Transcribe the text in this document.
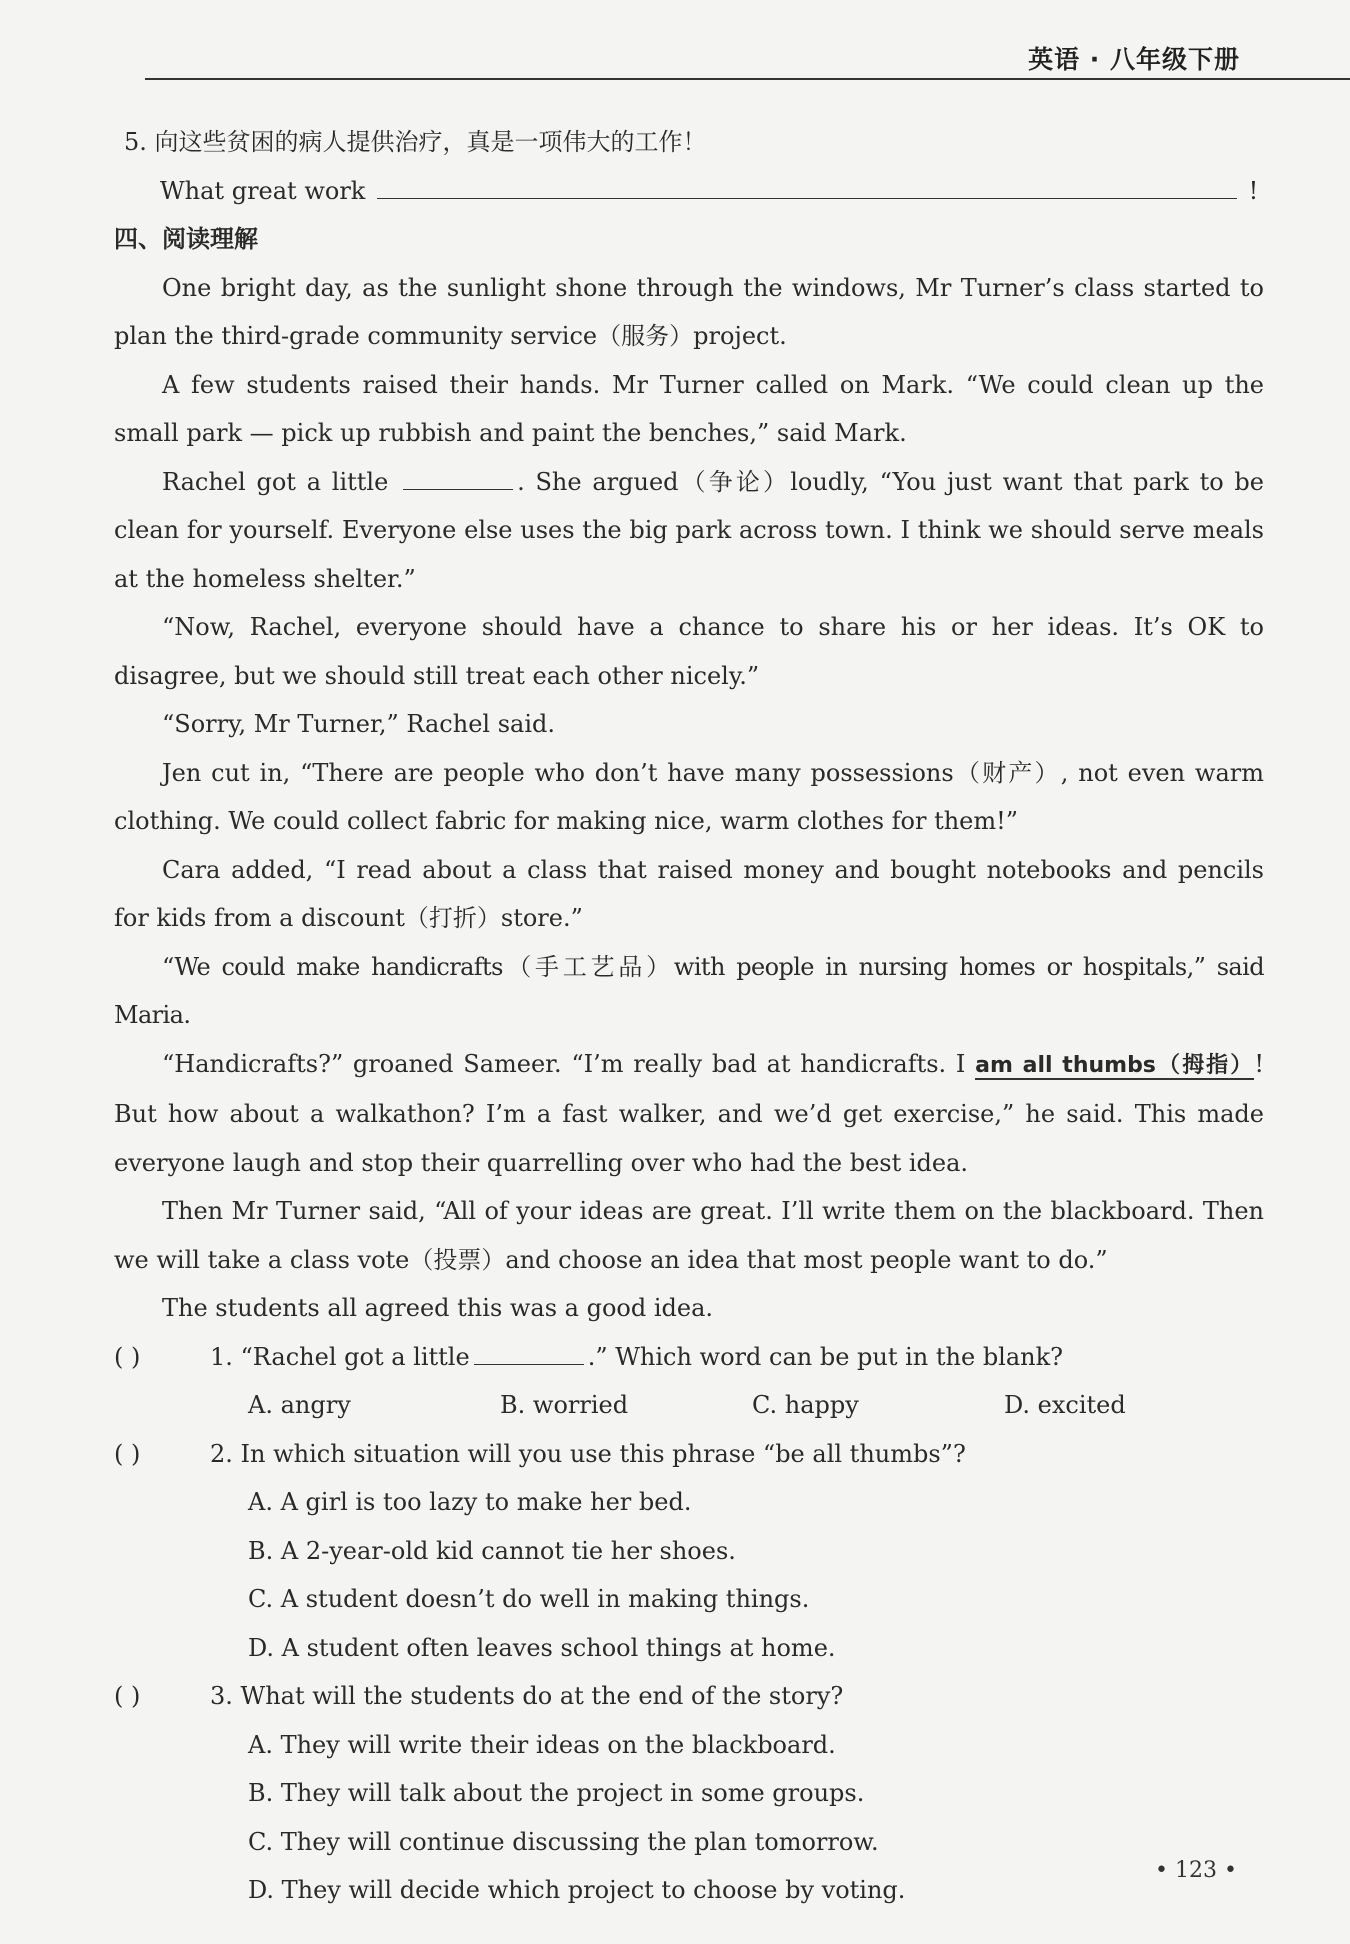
英语 · 八年级下册
5. 向这些贫困的病人提供治疗，真是一项伟大的工作！
What great work	!
四、阅读理解
One bright day, as the sunlight shone through the windows, Mr Turner’s class started to plan the third-grade community service（服务）project.
A few students raised their hands. Mr Turner called on Mark. “We could clean up the small park — pick up rubbish and paint the benches,” said Mark.
Rachel got a little	. She argued（争论）loudly, “You just want that park to be clean for yourself. Everyone else uses the big park across town. I think we should serve meals at the homeless shelter.”
“Now, Rachel, everyone should have a chance to share his or her ideas. It’s OK to disagree, but we should still treat each other nicely.”
“Sorry, Mr Turner,” Rachel said.
Jen cut in, “There are people who don’t have many possessions（财产）, not even warm clothing. We could collect fabric for making nice, warm clothes for them!”
Cara added, “I read about a class that raised money and bought notebooks and pencils for kids from a discount（打折）store.”
“We could make handicrafts（手工艺品）with people in nursing homes or hospitals,” said Maria.
“Handicrafts?” groaned Sameer. “I’m really bad at handicrafts. I am all thumbs（拇指）! But how about a walkathon? I’m a fast walker, and we’d get exercise,” he said. This made everyone laugh and stop their quarrelling over who had the best idea.
Then Mr Turner said, “All of your ideas are great. I’ll write them on the blackboard. Then we will take a class vote（投票）and choose an idea that most people want to do.”
The students all agreed this was a good idea.
( )	1. “Rachel got a little	.” Which word can be put in the blank?
A. angry	B. worried	C. happy	D. excited
( )	2. In which situation will you use this phrase “be all thumbs”?
A. A girl is too lazy to make her bed.
B. A 2-year-old kid cannot tie her shoes.
C. A student doesn’t do well in making things.
D. A student often leaves school things at home.
( )	3. What will the students do at the end of the story?
A. They will write their ideas on the blackboard.
B. They will talk about the project in some groups.
C. They will continue discussing the plan tomorrow.
D. They will decide which project to choose by voting.
• 123 •
